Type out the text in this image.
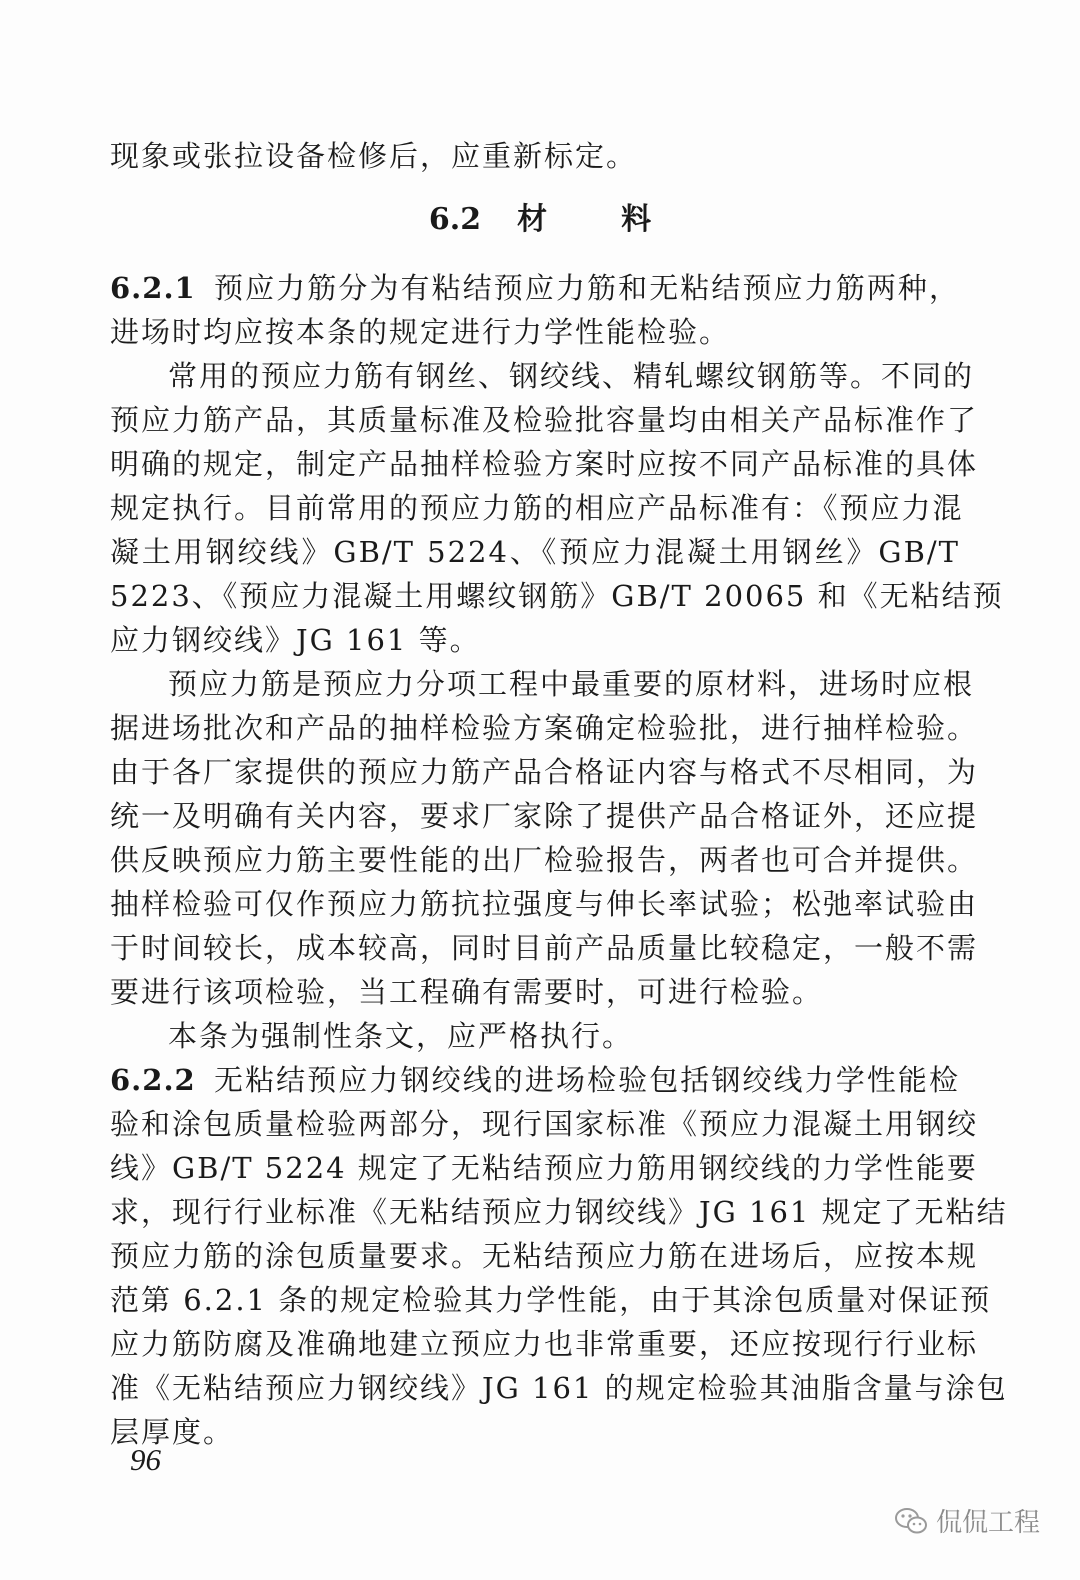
现象或张拉设备检修后，应重新标定。
6.2 材 料
6.2.1 预应力筋分为有粘结预应力筋和无粘结预应力筋两种，
进场时均应按本条的规定进行力学性能检验。
常用的预应力筋有钢丝、钢绞线、精轧螺纹钢筋等。不同的
预应力筋产品，其质量标准及检验批容量均由相关产品标准作了
明确的规定，制定产品抽样检验方案时应按不同产品标准的具体
规定执行。目前常用的预应力筋的相应产品标准有：《预应力混
凝土用钢绞线》GB/T 5224、《预应力混凝土用钢丝》GB/T
5223、《预应力混凝土用螺纹钢筋》GB/T 20065 和《无粘结预
应力钢绞线》JG 161 等。
预应力筋是预应力分项工程中最重要的原材料，进场时应根
据进场批次和产品的抽样检验方案确定检验批，进行抽样检验。
由于各厂家提供的预应力筋产品合格证内容与格式不尽相同，为
统一及明确有关内容，要求厂家除了提供产品合格证外，还应提
供反映预应力筋主要性能的出厂检验报告，两者也可合并提供。
抽样检验可仅作预应力筋抗拉强度与伸长率试验；松弛率试验由
于时间较长，成本较高，同时目前产品质量比较稳定，一般不需
要进行该项检验，当工程确有需要时，可进行检验。
本条为强制性条文，应严格执行。
6.2.2 无粘结预应力钢绞线的进场检验包括钢绞线力学性能检
验和涂包质量检验两部分，现行国家标准《预应力混凝土用钢绞
线》GB/T 5224 规定了无粘结预应力筋用钢绞线的力学性能要
求，现行行业标准《无粘结预应力钢绞线》JG 161 规定了无粘结
预应力筋的涂包质量要求。无粘结预应力筋在进场后，应按本规
范第 6.2.1 条的规定检验其力学性能，由于其涂包质量对保证预
应力筋防腐及准确地建立预应力也非常重要，还应按现行行业标
准《无粘结预应力钢绞线》JG 161 的规定检验其油脂含量与涂包
层厚度。
96
侃侃工程
